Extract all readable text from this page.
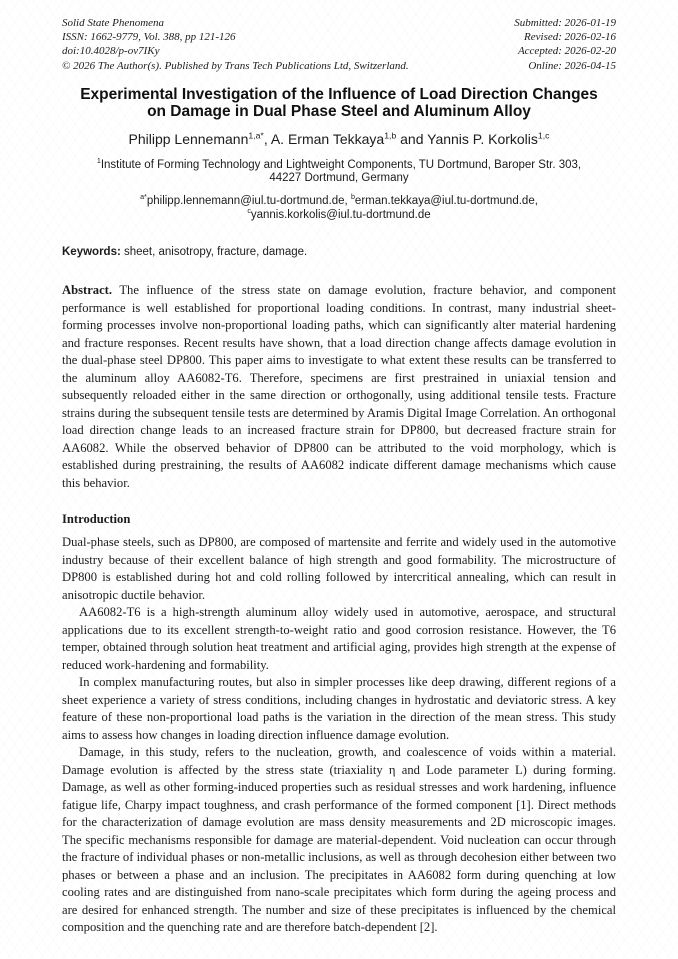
Solid State Phenomena
ISSN: 1662-9779, Vol. 388, pp 121-126
doi:10.4028/p-ov7IKy
© 2026 The Author(s). Published by Trans Tech Publications Ltd, Switzerland.
Submitted: 2026-01-19
Revised: 2026-02-16
Accepted: 2026-02-20
Online: 2026-04-15
Experimental Investigation of the Influence of Load Direction Changes
on Damage in Dual Phase Steel and Aluminum Alloy
Philipp Lennemann$^{1,a*}$, A. Erman Tekkaya$^{1,b}$ and Yannis P. Korkolis$^{1,c}$
$^1$Institute of Forming Technology and Lightweight Components, TU Dortmund, Baroper Str. 303,
44227 Dortmund, Germany
$^{a*}$philipp.lennemann@iul.tu-dortmund.de, $^b$erman.tekkaya@iul.tu-dortmund.de,
$^c$yannis.korkolis@iul.tu-dortmund.de
Keywords: sheet, anisotropy, fracture, damage.
Abstract. The influence of the stress state on damage evolution, fracture behavior, and component performance is well established for proportional loading conditions. In contrast, many industrial sheet-forming processes involve non-proportional loading paths, which can significantly alter material hardening and fracture responses. Recent results have shown, that a load direction change affects damage evolution in the dual-phase steel DP800. This paper aims to investigate to what extent these results can be transferred to the aluminum alloy AA6082-T6. Therefore, specimens are first prestrained in uniaxial tension and subsequently reloaded either in the same direction or orthogonally, using additional tensile tests. Fracture strains during the subsequent tensile tests are determined by Aramis Digital Image Correlation. An orthogonal load direction change leads to an increased fracture strain for DP800, but decreased fracture strain for AA6082. While the observed behavior of DP800 can be attributed to the void morphology, which is established during prestraining, the results of AA6082 indicate different damage mechanisms which cause this behavior.
Introduction

Dual-phase steels, such as DP800, are composed of martensite and ferrite and widely used in the automotive industry because of their excellent balance of high strength and good formability. The microstructure of DP800 is established during hot and cold rolling followed by intercritical annealing, which can result in anisotropic ductile behavior.

AA6082-T6 is a high-strength aluminum alloy widely used in automotive, aerospace, and structural applications due to its excellent strength-to-weight ratio and good corrosion resistance. However, the T6 temper, obtained through solution heat treatment and artificial aging, provides high strength at the expense of reduced work-hardening and formability.

In complex manufacturing routes, but also in simpler processes like deep drawing, different regions of a sheet experience a variety of stress conditions, including changes in hydrostatic and deviatoric stress. A key feature of these non-proportional load paths is the variation in the direction of the mean stress. This study aims to assess how changes in loading direction influence damage evolution.

Damage, in this study, refers to the nucleation, growth, and coalescence of voids within a material. Damage evolution is affected by the stress state (triaxiality η and Lode parameter L) during forming. Damage, as well as other forming-induced properties such as residual stresses and work hardening, influence fatigue life, Charpy impact toughness, and crash performance of the formed component [1]. Direct methods for the characterization of damage evolution are mass density measurements and 2D microscopic images. The specific mechanisms responsible for damage are material-dependent. Void nucleation can occur through the fracture of individual phases or non-metallic inclusions, as well as through decohesion either between two phases or between a phase and an inclusion. The precipitates in AA6082 form during quenching at low cooling rates and are distinguished from nano-scale precipitates which form during the ageing process and are desired for enhanced strength. The number and size of these precipitates is influenced by the chemical composition and the quenching rate and are therefore batch-dependent [2].
